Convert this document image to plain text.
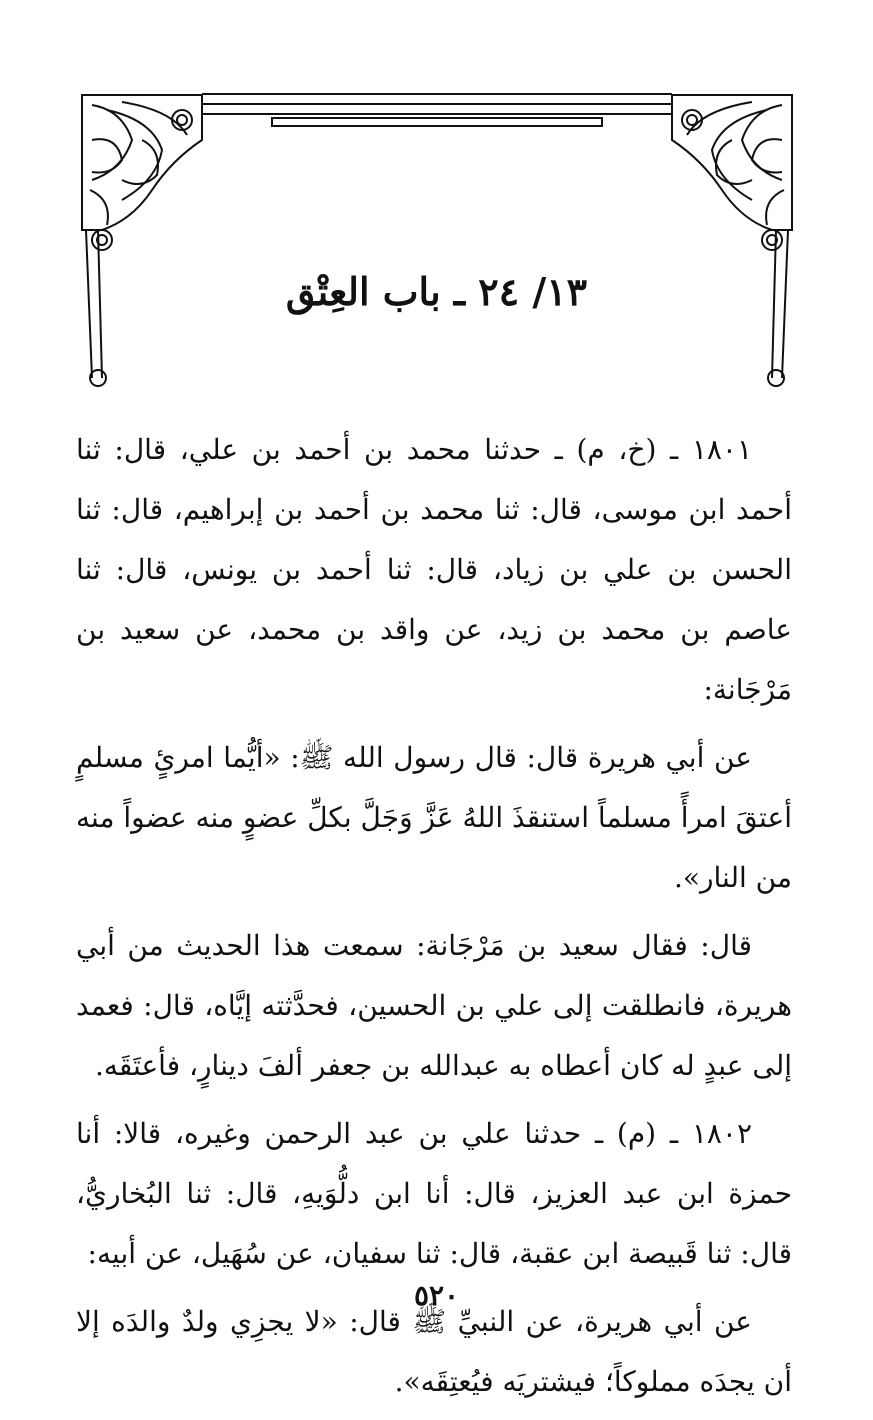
١٣/ ٢٤ ـ باب العِتْق

١٨٠١ ـ (خ، م) ـ حدثنا محمد بن أحمد بن علي، قال: ثنا أحمد ابن موسى، قال: ثنا محمد بن أحمد بن إبراهيم، قال: ثنا الحسن بن علي بن زياد، قال: ثنا أحمد بن يونس، قال: ثنا عاصم بن محمد بن زيد، عن واقد بن محمد، عن سعيد بن مَرْجَانة:

عن أبي هريرة قال: قال رسول الله ﷺ: «أيُّما امرئٍ مسلمٍ أعتقَ امرأً مسلماً استنقذَ اللهُ عَزَّ وَجَلَّ بكلِّ عضوٍ منه عضواً منه من النار».

قال: فقال سعيد بن مَرْجَانة: سمعت هذا الحديث من أبي هريرة، فانطلقت إلى علي بن الحسين، فحدَّثته إيَّاه، قال: فعمد إلى عبدٍ له كان أعطاه به عبدالله بن جعفر ألفَ دينارٍ، فأعتَقَه.

١٨٠٢ ـ (م) ـ حدثنا علي بن عبد الرحمن وغيره، قالا: أنا حمزة ابن عبد العزيز، قال: أنا ابن دلُّوَيهِ، قال: ثنا البُخاريُّ، قال: ثنا قَبيصة ابن عقبة، قال: ثنا سفيان، عن سُهَيل، عن أبيه:

عن أبي هريرة، عن النبيِّ ﷺ قال: «لا يجزِي ولدٌ والدَه إلا أن يجدَه مملوكاً؛ فيشتريَه فيُعتِقَه».

٥٢٠
